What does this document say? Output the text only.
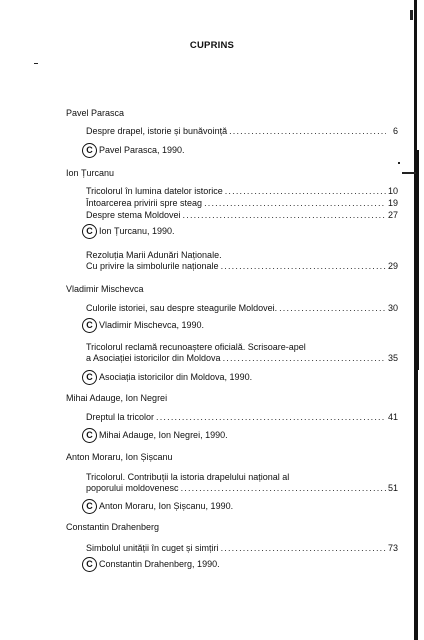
CUPRINS
Pavel Parasca
Despre drapel, istorie și bunăvoință .....	6
C Pavel Parasca, 1990.
Ion Țurcanu
Tricolorul în lumina datelor istorice .....	10
Întoarcerea privirii spre steag .....	19
Despre stema Moldovei .....	27
C Ion Țurcanu, 1990.
Rezoluția Marii Adunări Naționale.
Cu privire la simbolurile naționale .....	29
Vladimir Mischevca
Culorile istoriei, sau despre steagurile Moldovei. .....	30
C Vladimir Mischevca, 1990.
Tricolorul reclamă recunoaștere oficială. Scrisoare-apel
a Asociației istoricilor din Moldova .....	35
C Asociația istoricilor din Moldova, 1990.
Mihai Adauge, Ion Negrei
Dreptul la tricolor .....	41
C Mihai Adauge, Ion Negrei, 1990.
Anton Moraru, Ion Șișcanu
Tricolorul. Contribuții la istoria drapelului național al
poporului moldovenesc .....	51
C Anton Moraru, Ion Șișcanu, 1990.
Constantin Drahenberg
Simbolul unității în cuget și simțiri .....	73
C Constantin Drahenberg, 1990.
